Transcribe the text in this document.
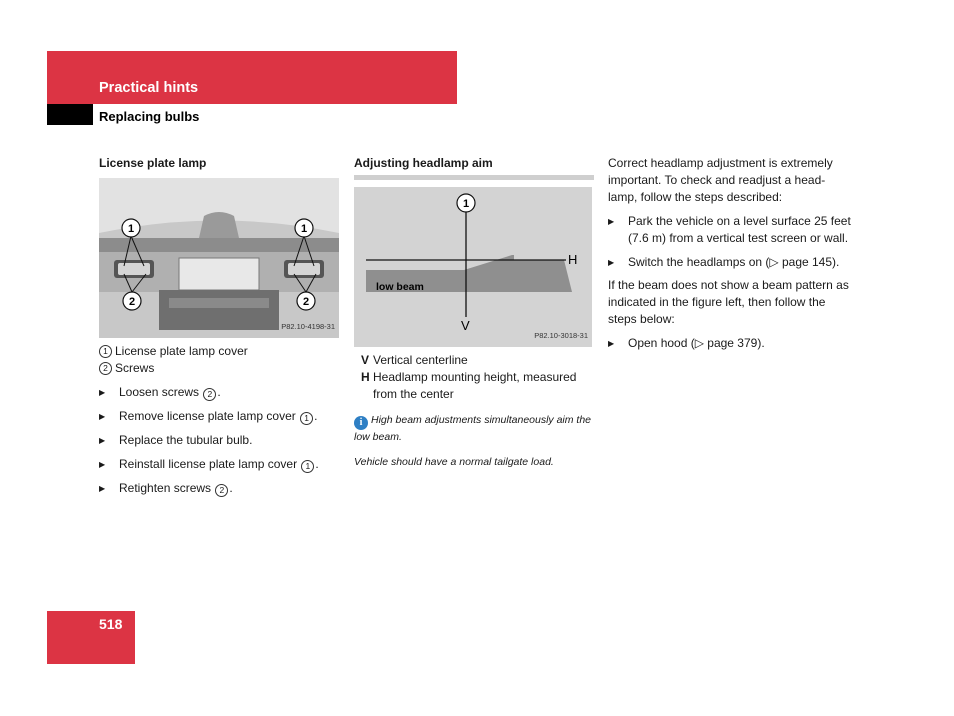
Practical hints
Replacing bulbs
License plate lamp
1	1
2	2
P82.10-4198-31
1 License plate lamp cover
2 Screws
▶	Loosen screws 2 .
▶	Remove license plate lamp cover 1 .
▶	Replace the tubular bulb.
▶	Reinstall license plate lamp cover 1 .
▶	Retighten screws 2 .
Adjusting headlamp aim
1
H
V
low beam
P82.10-3018-31
V Vertical centerline
H Headlamp mounting height, measured from the center
i High beam adjustments simultaneously aim the low beam.
Vehicle should have a normal tailgate load.
Correct headlamp adjustment is extremely important. To check and readjust a head-lamp, follow the steps described:
▶	Park the vehicle on a level surface 25 feet (7.6 m) from a vertical test screen or wall.
▶	Switch the headlamps on (▷ page 145).
If the beam does not show a beam pattern as indicated in the figure left, then follow the steps below:
▶	Open hood (▷ page 379).
518
